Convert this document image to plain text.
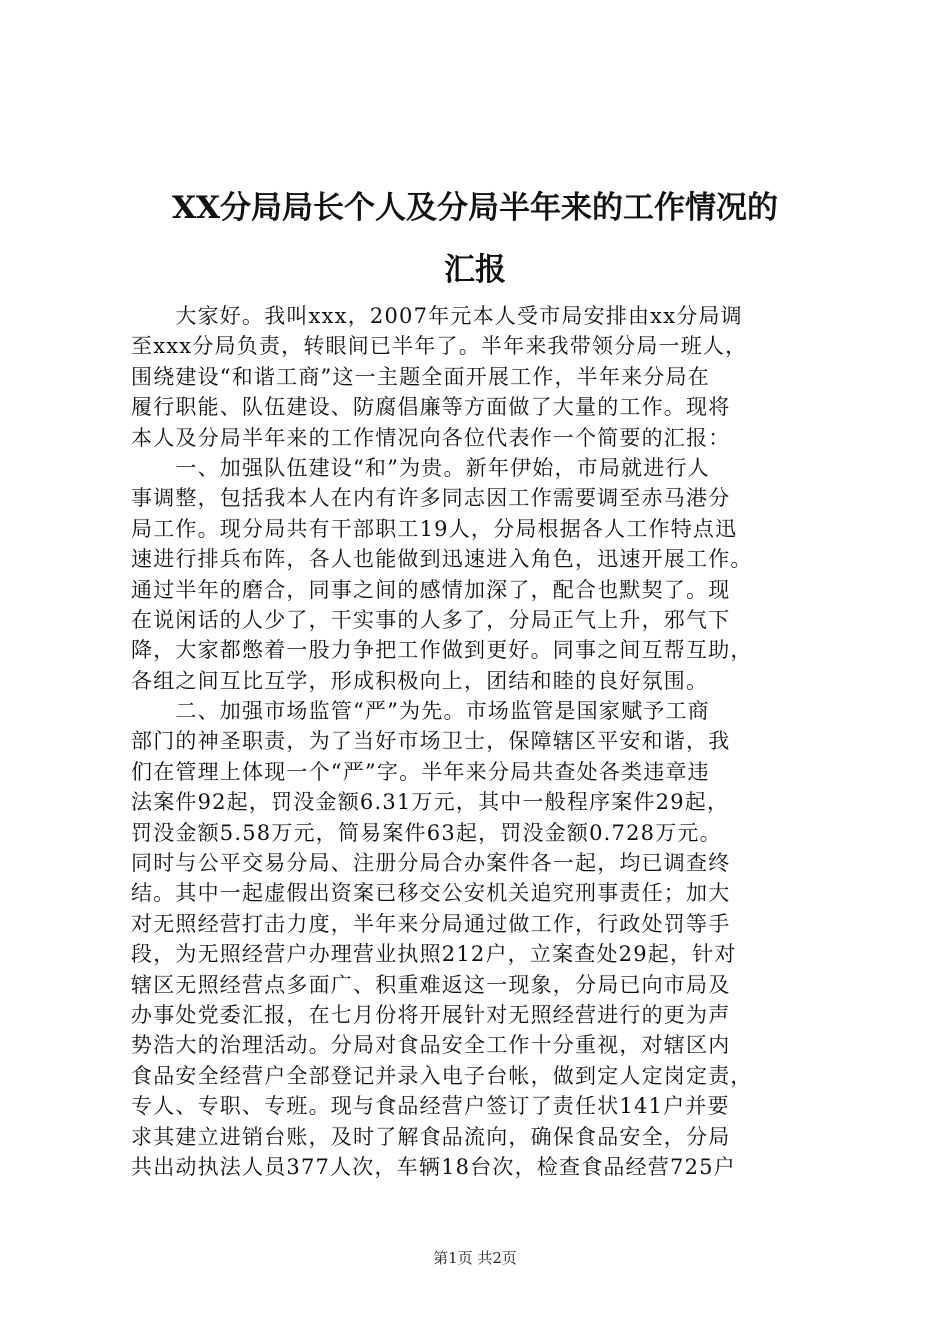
XX分局局长个人及分局半年来的工作情况的
汇报
　　大家好。我叫xxx，2007年元本人受市局安排由xx分局调
至xxx分局负责，转眼间已半年了。半年来我带领分局一班人，
围绕建设“和谐工商”这一主题全面开展工作，半年来分局在
履行职能、队伍建设、防腐倡廉等方面做了大量的工作。现将
本人及分局半年来的工作情况向各位代表作一个简要的汇报：
　　一、加强队伍建设“和”为贵。新年伊始，市局就进行人
事调整，包括我本人在内有许多同志因工作需要调至赤马港分
局工作。现分局共有干部职工19人，分局根据各人工作特点迅
速进行排兵布阵，各人也能做到迅速进入角色，迅速开展工作。
通过半年的磨合，同事之间的感情加深了，配合也默契了。现
在说闲话的人少了，干实事的人多了，分局正气上升，邪气下
降，大家都憋着一股力争把工作做到更好。同事之间互帮互助，
各组之间互比互学，形成积极向上，团结和睦的良好氛围。
　　二、加强市场监管“严”为先。市场监管是国家赋予工商
部门的神圣职责，为了当好市场卫士，保障辖区平安和谐，我
们在管理上体现一个“严”字。半年来分局共查处各类违章违
法案件92起，罚没金额6.31万元，其中一般程序案件29起，
罚没金额5.58万元，简易案件63起，罚没金额0.728万元。
同时与公平交易分局、注册分局合办案件各一起，均已调查终
结。其中一起虚假出资案已移交公安机关追究刑事责任；加大
对无照经营打击力度，半年来分局通过做工作，行政处罚等手
段，为无照经营户办理营业执照212户，立案查处29起，针对
辖区无照经营点多面广、积重难返这一现象，分局已向市局及
办事处党委汇报，在七月份将开展针对无照经营进行的更为声
势浩大的治理活动。分局对食品安全工作十分重视，对辖区内
食品安全经营户全部登记并录入电子台帐，做到定人定岗定责，
专人、专职、专班。现与食品经营户签订了责任状141户并要
求其建立进销台账，及时了解食品流向，确保食品安全，分局
共出动执法人员377人次，车辆18台次，检查食品经营725户
第1页 共2页
